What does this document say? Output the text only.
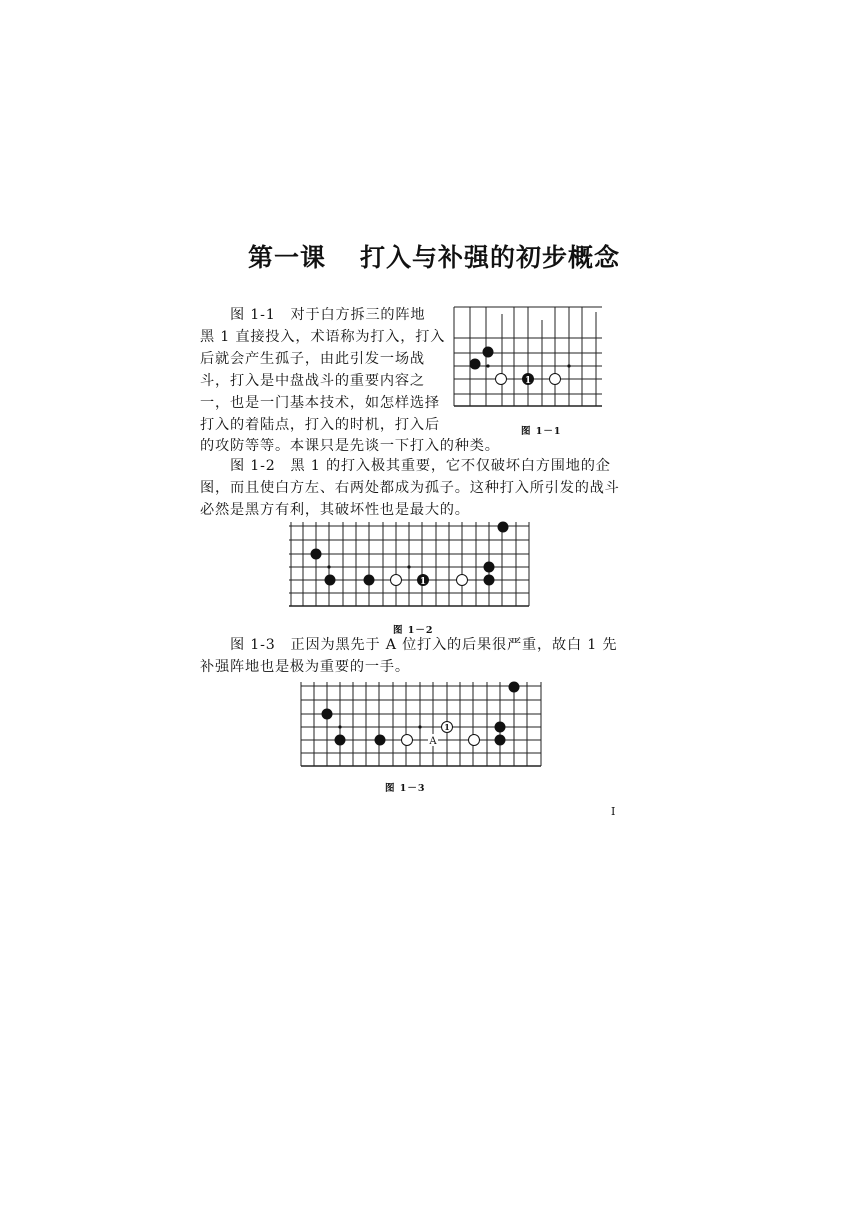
第一课 打入与补强的初步概念
　　图 1-1　对于白方拆三的阵地
黑 1 直接投入，术语称为打入，打入
后就会产生孤子，由此引发一场战
斗，打入是中盘战斗的重要内容之
一，也是一门基本技术，如怎样选择
打入的着陆点，打入的时机，打入后
的攻防等等。本课只是先谈一下打入的种类。
1
图 1－1
　　图 1-2　黑 1 的打入极其重要，它不仅破坏白方围地的企
图，而且使白方左、右两处都成为孤子。这种打入所引发的战斗
必然是黑方有利，其破坏性也是最大的。
1
图 1－2
　　图 1-3　正因为黑先于 A 位打入的后果很严重，故白 1 先
补强阵地也是极为重要的一手。
1
A
图 1－3
I
